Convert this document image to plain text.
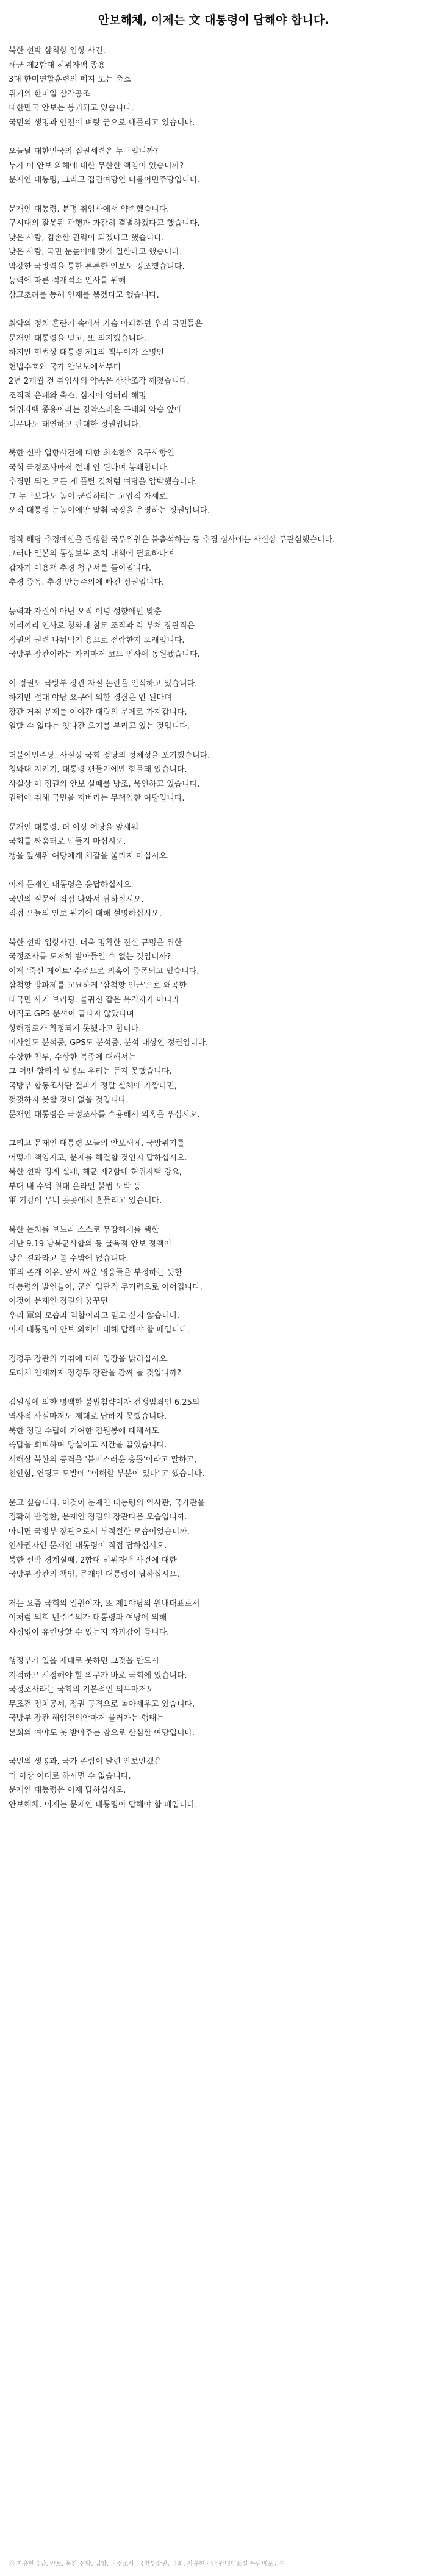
안보해체, 이제는 文 대통령이 답해야 합니다.
북한 선박 삼척항 입항 사건.
해군 제2함대 허위자백 종용
3대 한미연합훈련의 폐지 또는 축소
위기의 한미일 삼각공조
대한민국 안보는 붕괴되고 있습니다.
국민의 생명과 안전이 벼랑 끝으로 내몰리고 있습니다.
오늘날 대한민국의 집권세력은 누구입니까?
누가 이 안보 와해에 대한 무한한 책임이 있습니까?
문재인 대통령, 그리고 집권여당인 더불어민주당입니다.
문재인 대통령. 분명 취임사에서 약속했습니다.
구시대의 잘못된 관행과 과감히 결별하겠다고 했습니다.
낮은 사람, 겸손한 권력이 되겠다고 했습니다.
낮은 사람, 국민 눈높이에 맞게 일한다고 했습니다.
막강한 국방력을 통한 튼튼한 안보도 강조했습니다.
능력에 따른 적재적소 인사를 위해
삼고초려를 통해 인재를 뽑겠다고 했습니다.
최악의 정치 혼란기 속에서 가슴 아파하던 우리 국민들은
문재인 대통령을 믿고, 또 의지했습니다.
하지만 헌법상 대통령 제1의 책무이자 소명인
헌법수호와 국가 안보보에서부터
2년 2개월 전 취임사의 약속은 산산조각 깨졌습니다.
조직적 은폐와 축소, 심지어 엉터리 해명
허위자백 종용이라는 경악스러운 구태와 악습 앞에
너무나도 태연하고 관대한 정권입니다.
북한 선박 입항사건에 대한 최소한의 요구사항인
국회 국정조사마저 절대 안 된다며 봉쇄합니다.
추경만 되면 모든 게 풀릴 것처럼 여당을 압박했습니다.
그 누구보다도 높이 군림하려는 고압적 자세로.
오직 대통령 눈높이에만 맞춰 국정을 운영하는 정권입니다.
정작 해당 추경예산을 집행할 국무위원은 불출석하는 등 추경 심사에는 사실상 무관심했습니다.
그러다 일본의 통상보복 조치 대책에 필요하다며
갑자기 이용책 추경 청구서를 들이밉니다.
추경 중독. 추경 만능주의에 빠진 정권입니다.
능력과 자질이 아닌 오직 이념 성향에만 맞춘
끼리끼리 인사로 청와대 참모 조직과 각 부처 장관직은
정권의 권력 나눠먹기 용으로 전락한지 오래입니다.
국방부 장관이라는 자리마저 코드 인사에 동원됐습니다.
이 정권도 국방부 장관 자질 논란을 인식하고 있습니다.
하지만 절대 야당 요구에 의한 경질은 안 된다며
장관 거취 문제를 여야간 대립의 문제로 가져갑니다.
일할 수 없다는 엇나간 오기를 부리고 있는 것입니다.
더불어민주당. 사실상 국회 정당의 정체성을 포기했습니다.
청와대 지키기, 대통령 편들기에만 함몰돼 있습니다.
사실상 이 정권의 안보 실패를 방조, 묵인하고 있습니다.
권력에 취해 국민을 저버리는 무책임한 여당입니다.
문재인 대통령. 더 이상 여당을 앞세워
국회를 싸움터로 만들지 마십시오.
갱을 앞세워 여당에게 채갈을 울리지 마십시오.
이제 문재인 대통령은 응답하십시오.
국민의 질문에 직접 나와서 답하십시오.
직접 오늘의 안보 위기에 대해 설명하십시오.
북한 선박 입항사건. 더욱 명확한 진실 규명을 위한
국정조사를 도저히 받아들일 수 없는 것입니까?
이제 '죽선 게이트' 수준으로 의혹이 증폭되고 있습니다.
삼척항 방파제를 교묘하게 '삼척항 인근'으로 왜곡한
대국민 사기 브리핑. 물귀신 같은 목격자가 아니라
아직도 GPS 분석이 끝나지 않았다며
항해경로가 확정되지 못했다고 합니다.
미사일도 분석중, GPS도 분석중, 분석 대상인 정권입니다.
수상한 침투, 수상한 복종에 대해서는
그 어떤 합리적 설명도 우리는 듣지 못했습니다.
국방부 합동조사단 결과가 정말 실체에 가깝다면,
껏껏하지 못할 것이 없을 것입니다.
문재인 대통령은 국정조사를 수용해서 의혹을 푸십시오.
그리고 문재인 대통령 오늘의 안보해체. 국방위기를
어떻게 책임지고, 문제를 해결할 것인지 답하십시오.
북한 선박 경계 실패, 해군 제2함대 허위자백 강요,
부대 내 수억 원대 온라인 불법 도박 등
軍 기강이 무너 곳곳에서 흔들리고 있습니다.
북한 눈치를 보느라 스스로 무장해제를 택한
지난 9.19 남북군사합의 등 굴욕적 안보 정책이
낳은 결과라고 볼 수밖에 없습니다.
軍의 존재 이유. 앞서 싸운 영웅들을 부정하는 듯한
대통령의 발언들이, 군의 입단적 무기력으로 이어집니다.
이것이 문재인 정권의 꿈꾸던
우리 軍의 모습과 역할이라고 믿고 싶지 않습니다.
이제 대통령이 안보 와해에 대해 답해야 할 때입니다.
정경두 장관의 거취에 대해 입장을 밝히십시오.
도대체 언제까지 정경두 장관을 감싸 돌 것입니까?
김일성에 의한 명백한 불법침략이자 전쟁범죄인 6.25의
역사적 사실마저도 제대로 답하지 못했습니다.
북한 정권 수립에 기여한 김원봉에 대해서도
즉답을 회피하며 망설이고 시간을 끌었습니다.
서해상 북한의 공격을 '불미스러운 충돌'이라고 말하고,
천안함, 연평도 도발에 "이해할 부분이 있다"고 했습니다.
묻고 싶습니다. 이것이 문재인 대통령의 역사관, 국가관을
정확히 반영한, 문재인 정권의 장관다운 모습입니까.
아니면 국방부 장관으로서 부적절한 모습이었습니까.
인사권자인 문재인 대통령이 직접 답하십시오.
북한 선박 경계실패, 2함대 허위자백 사건에 대한
국방부 장관의 책임, 문재인 대통령이 답하십시오.
저는 요즘 국회의 일원이자, 또 제1야당의 원내대표로서
이처럼 의회 민주주의가 대통령과 여당에 의해
사정없이 유린당할 수 있는지 자괴감이 듭니다.
행정부가 일을 제대로 못하면 그것을 반드시
지적하고 시정해야 할 의무가 바로 국회에 있습니다.
국정조사라는 국회의 기본적인 의무마저도
무조건 정치공세, 정권 공격으로 돌아세우고 있습니다.
국방부 장관 해임건의안마저 물러가는 행태는
본회의 여야도 못 받아주는 참으로 한심한 여당입니다.
국민의 생명과, 국가 존립이 달린 안보안겠은
더 이상 이대로 하시면 수 없습니다.
문재인 대통령은 이제 답하십시오.
안보해체. 이제는 문재인 대통령이 답해야 할 때입니다.
ⓒ 자유한국당, 안보, 북한 선박, 입항, 국정조사, 국방부장관, 국회, 자유한국당 원내대표실 무단배포금지
